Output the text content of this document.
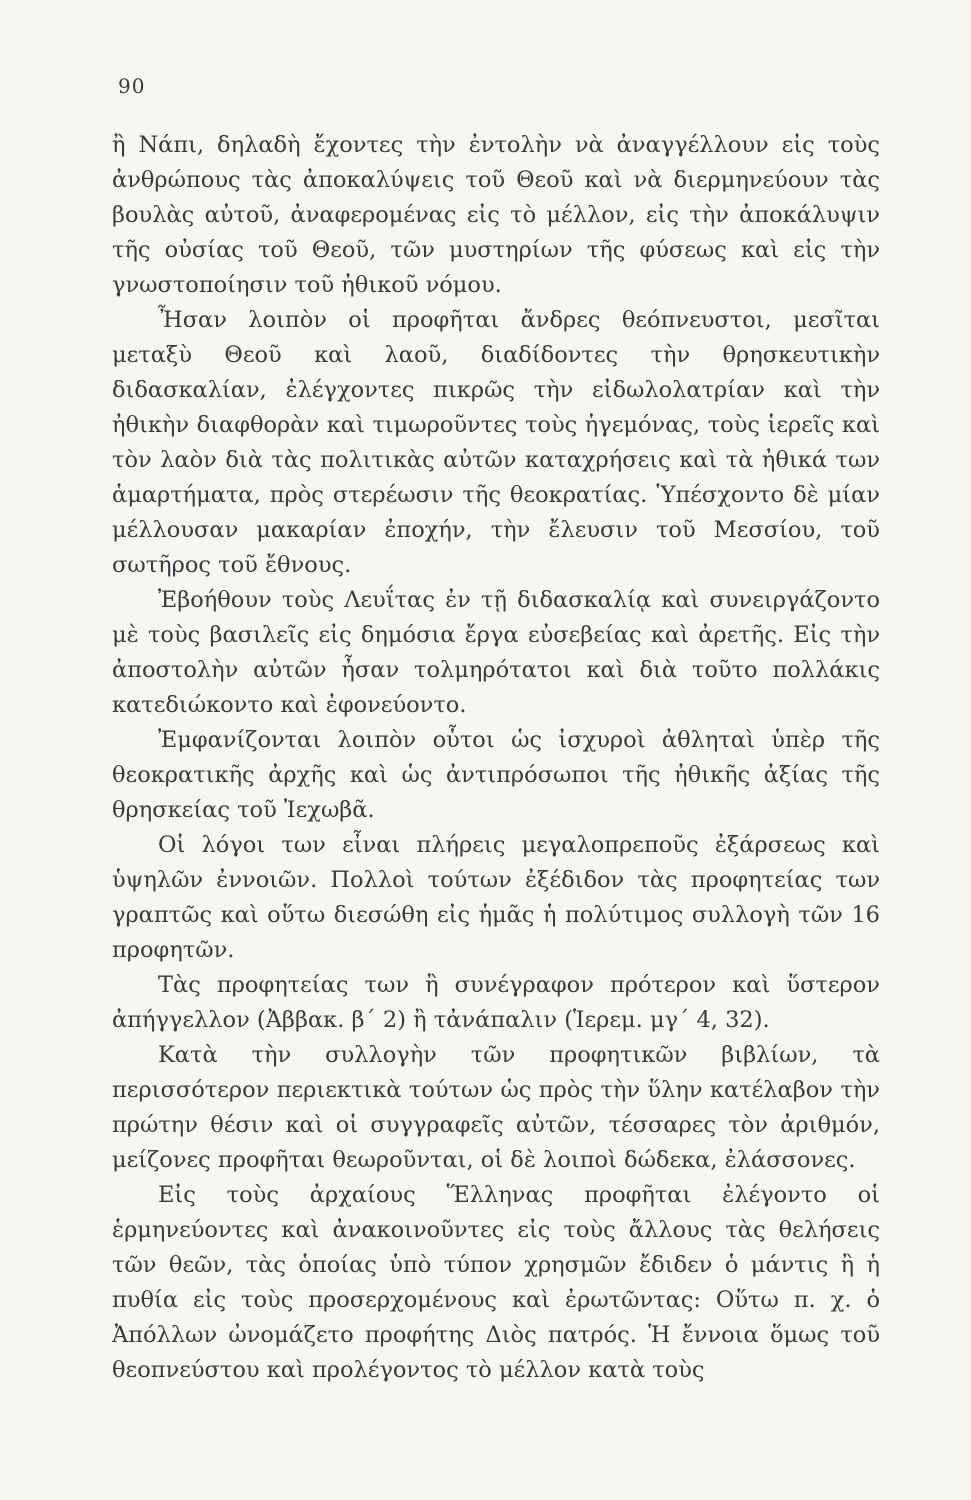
90

ἢ Νάπι, δηλαδὴ ἔχοντες τὴν ἐντολὴν νὰ ἀναγγέλλουν εἰς τοὺς ἀνθρώπους τὰς ἀποκαλύψεις τοῦ Θεοῦ καὶ νὰ διερμηνεύουν τὰς βουλὰς αὐτοῦ, ἀναφερομένας εἰς τὸ μέλλον, εἰς τὴν ἀποκάλυψιν τῆς οὐσίας τοῦ Θεοῦ, τῶν μυστηρίων τῆς φύσεως καὶ εἰς τὴν γνωστοποίησιν τοῦ ἠθικοῦ νόμου.

Ἦσαν λοιπὸν οἱ προφῆται ἄνδρες θεόπνευστοι, μεσῖται μεταξὺ Θεοῦ καὶ λαοῦ, διαδίδοντες τὴν θρησκευτικὴν διδασκαλίαν, ἐλέγχοντες πικρῶς τὴν εἰδωλολατρίαν καὶ τὴν ἠθικὴν διαφθορὰν καὶ τιμωροῦντες τοὺς ἡγεμόνας, τοὺς ἱερεῖς καὶ τὸν λαὸν διὰ τὰς πολιτικὰς αὐτῶν καταχρήσεις καὶ τὰ ἠθικά των ἁμαρτήματα, πρὸς στερέωσιν τῆς θεοκρατίας. Ὑπέσχοντο δὲ μίαν μέλλουσαν μακαρίαν ἐποχήν, τὴν ἔλευσιν τοῦ Μεσσίου, τοῦ σωτῆρος τοῦ ἔθνους.

Ἐβοήθουν τοὺς Λευΐτας ἐν τῇ διδασκαλίᾳ καὶ συνειργάζοντο μὲ τοὺς βασιλεῖς εἰς δημόσια ἔργα εὐσεβείας καὶ ἀρετῆς. Εἰς τὴν ἀποστολὴν αὐτῶν ἦσαν τολμηρότατοι καὶ διὰ τοῦτο πολλάκις κατεδιώκοντο καὶ ἐφονεύοντο.

Ἐμφανίζονται λοιπὸν οὗτοι ὡς ἰσχυροὶ ἀθληταὶ ὑπὲρ τῆς θεοκρατικῆς ἀρχῆς καὶ ὡς ἀντιπρόσωποι τῆς ἠθικῆς ἀξίας τῆς θρησκείας τοῦ Ἰεχωβᾶ.

Οἱ λόγοι των εἶναι πλήρεις μεγαλοπρεποῦς ἐξάρσεως καὶ ὑψηλῶν ἐννοιῶν. Πολλοὶ τούτων ἐξέδιδον τὰς προφητείας των γραπτῶς καὶ οὕτω διεσώθη εἰς ἡμᾶς ἡ πολύτιμος συλλογὴ τῶν 16 προφητῶν.

Τὰς προφητείας των ἢ συνέγραφον πρότερον καὶ ὕστερον ἀπήγγελλον (Ἀββακ. β΄ 2) ἢ τἀνάπαλιν (Ἱερεμ. μγ΄ 4, 32).

Κατὰ τὴν συλλογὴν τῶν προφητικῶν βιβλίων, τὰ περισσότερον περιεκτικὰ τούτων ὡς πρὸς τὴν ὕλην κατέλαβον τὴν πρώτην θέσιν καὶ οἱ συγγραφεῖς αὐτῶν, τέσσαρες τὸν ἀριθμόν, μείζονες προφῆται θεωροῦνται, οἱ δὲ λοιποὶ δώδεκα, ἐλάσσονες.

Εἰς τοὺς ἀρχαίους Ἕλληνας προφῆται ἐλέγοντο οἱ ἑρμηνεύοντες καὶ ἀνακοινοῦντες εἰς τοὺς ἄλλους τὰς θελήσεις τῶν θεῶν, τὰς ὁποίας ὑπὸ τύπον χρησμῶν ἔδιδεν ὁ μάντις ἢ ἡ πυθία εἰς τοὺς προσερχομένους καὶ ἐρωτῶντας: Οὕτω π. χ. ὁ Ἀπόλλων ὠνομάζετο προφήτης Διὸς πατρός. Ἡ ἔννοια ὅμως τοῦ θεοπνεύστου καὶ προλέγοντος τὸ μέλλον κατὰ τοὺς
